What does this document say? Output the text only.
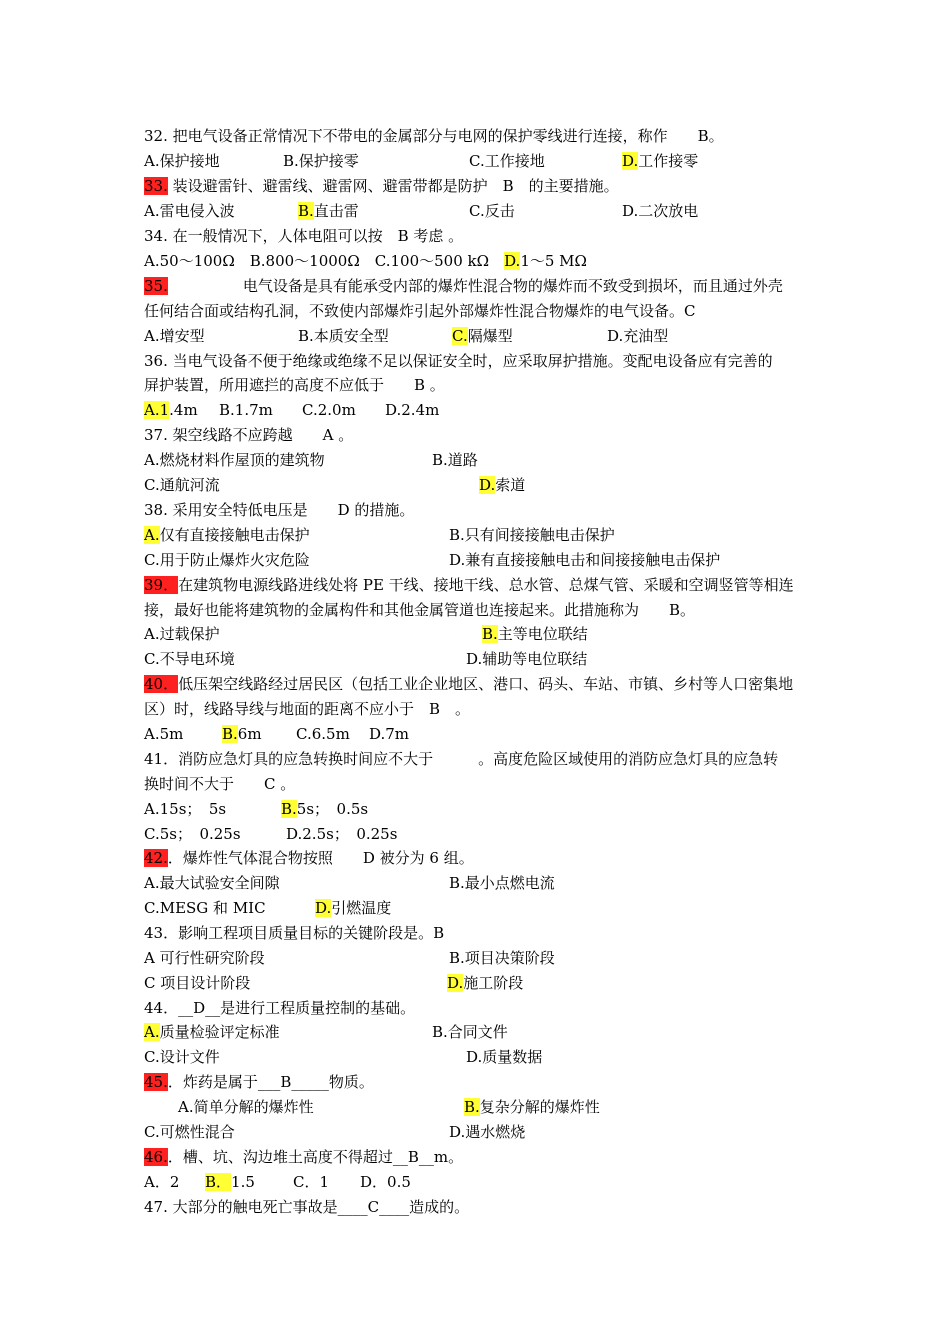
32. 把电气设备正常情况下不带电的金属部分与电网的保护零线进行连接，称作　　B。
A.保护接地	B.保护接零	C.工作接地	D.工作接零
33. 装设避雷针、避雷线、避雷网、避雷带都是防护　B　的主要措施。
A.雷电侵入波	B.直击雷	C.反击	D.二次放电
34. 在一般情况下，人体电阻可以按　B 考虑 。
A.50～100Ω　B.800～1000Ω　C.100～500 kΩ　D.1～5 MΩ
35.　　　　　电气设备是具有能承受内部的爆炸性混合物的爆炸而不致受到损坏，而且通过外壳
任何结合面或结构孔洞，不致使内部爆炸引起外部爆炸性混合物爆炸的电气设备。C
A.增安型	B.本质安全型	C.隔爆型	D.充油型
36. 当电气设备不便于绝缘或绝缘不足以保证安全时，应采取屏护措施。变配电设备应有完善的
屏护装置，所用遮拦的高度不应低于　　B 。
A.1.4m B.1.7m C.2.0m D.2.4m
37. 架空线路不应跨越　　A 。
A.燃烧材料作屋顶的建筑物	B.道路
C.通航河流	D.索道
38. 采用安全特低电压是　　D 的措施。
A.仅有直接接触电击保护	B.只有间接接触电击保护
C.用于防止爆炸火灾危险	D.兼有直接接触电击和间接接触电击保护
39．在建筑物电源线路进线处将 PE 干线、接地干线、总水管、总煤气管、采暖和空调竖管等相连
接，最好也能将建筑物的金属构件和其他金属管道也连接起来。此措施称为　　B。
A.过载保护	B.主等电位联结
C.不导电环境	D.辅助等电位联结
40．低压架空线路经过居民区（包括工业企业地区、港口、码头、车站、市镇、乡村等人口密集地
区）时，线路导线与地面的距离不应小于　B　。
A.5m	B.6m C.6.5m D.7m
41．消防应急灯具的应急转换时间应不大于　　　。高度危险区域使用的消防应急灯具的应急转
换时间不大于　　C 。
A.15s；　5s	B.5s；　0.5s
C.5s；　0.25s	D.2.5s；　0.25s
42.．爆炸性气体混合物按照　　D 被分为 6 组。
A.最大试验安全间隙	B.最小点燃电流
C.MESG 和 MIC	D.引燃温度
43．影响工程项目质量目标的关键阶段是。B
A 可行性研究阶段	B.项目决策阶段
C 项目设计阶段	D.施工阶段
44．__D__是进行工程质量控制的基础。
A.质量检验评定标准	B.合同文件
C.设计文件	D.质量数据
45.．炸药是属于___B_____物质。
A.简单分解的爆炸性	B.复杂分解的爆炸性
C.可燃性混合	D.遇水燃烧
46.．槽、坑、沟边堆土高度不得超过__B__m。
A．2 B．1.5	C．1 D．0.5
47. 大部分的触电死亡事故是____C____造成的。
